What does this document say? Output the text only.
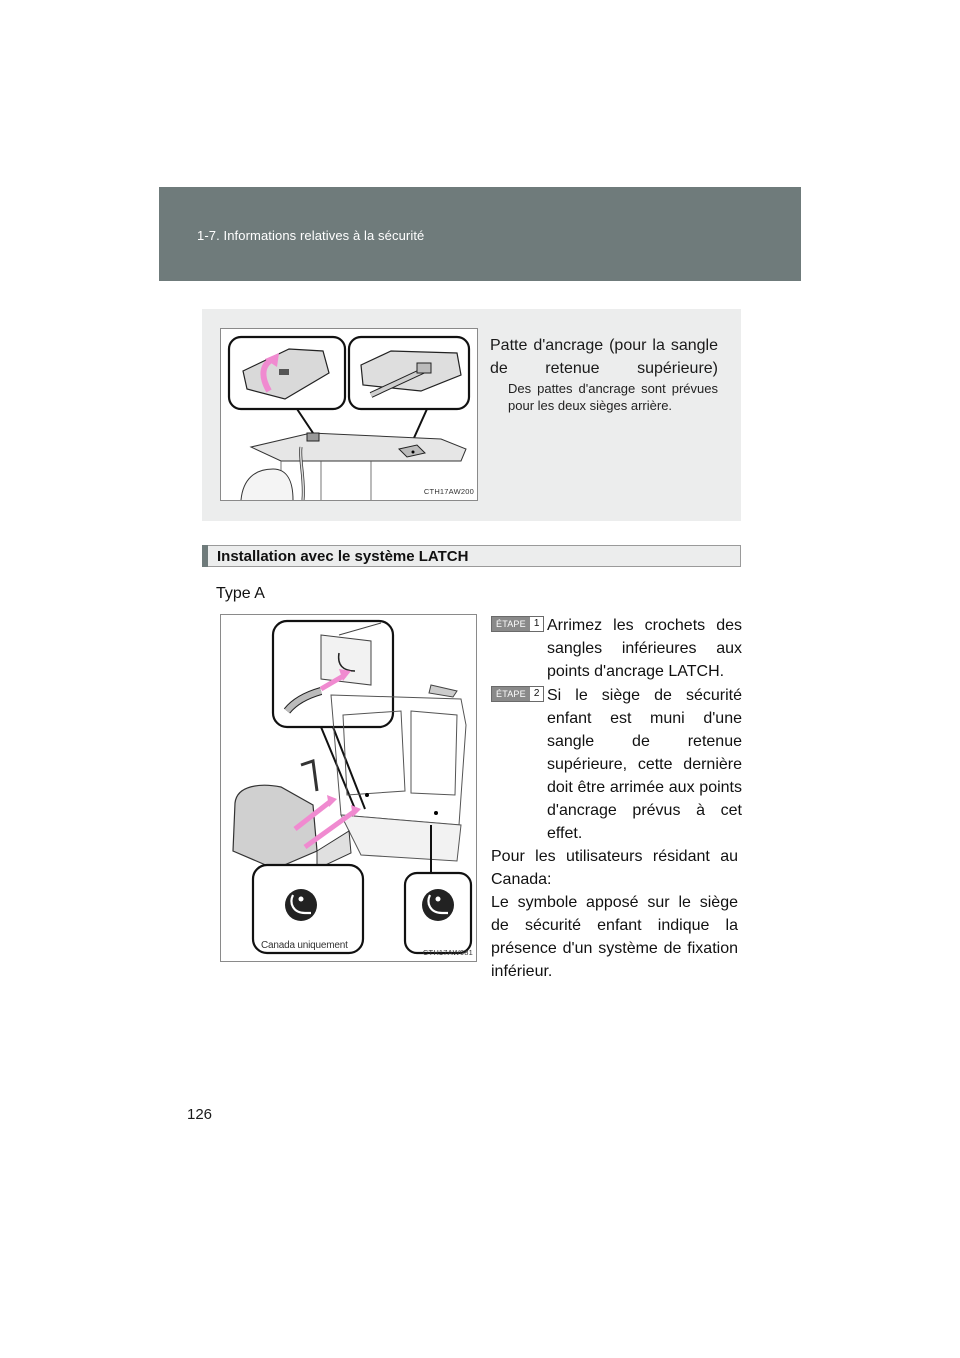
1-7. Informations relatives à la sécurité
CTH17AW200
Patte d'ancrage (pour la sangle de retenue supérieure)
Des pattes d'ancrage sont prévues pour les deux sièges arrière.
Installation avec le système LATCH
Type A
Canada uniquement
CTH17AW081
ÉTAPE 1 Arrimez les crochets des sangles inférieures aux points d'ancrage LATCH.
ÉTAPE 2 Si le siège de sécurité enfant est muni d'une sangle de retenue supérieure, cette dernière doit être arrimée aux points d'ancrage prévus à cet effet.
Pour les utilisateurs résidant au Canada:
Le symbole apposé sur le siège de sécurité enfant indique la présence d'un système de fixation inférieur.
126
